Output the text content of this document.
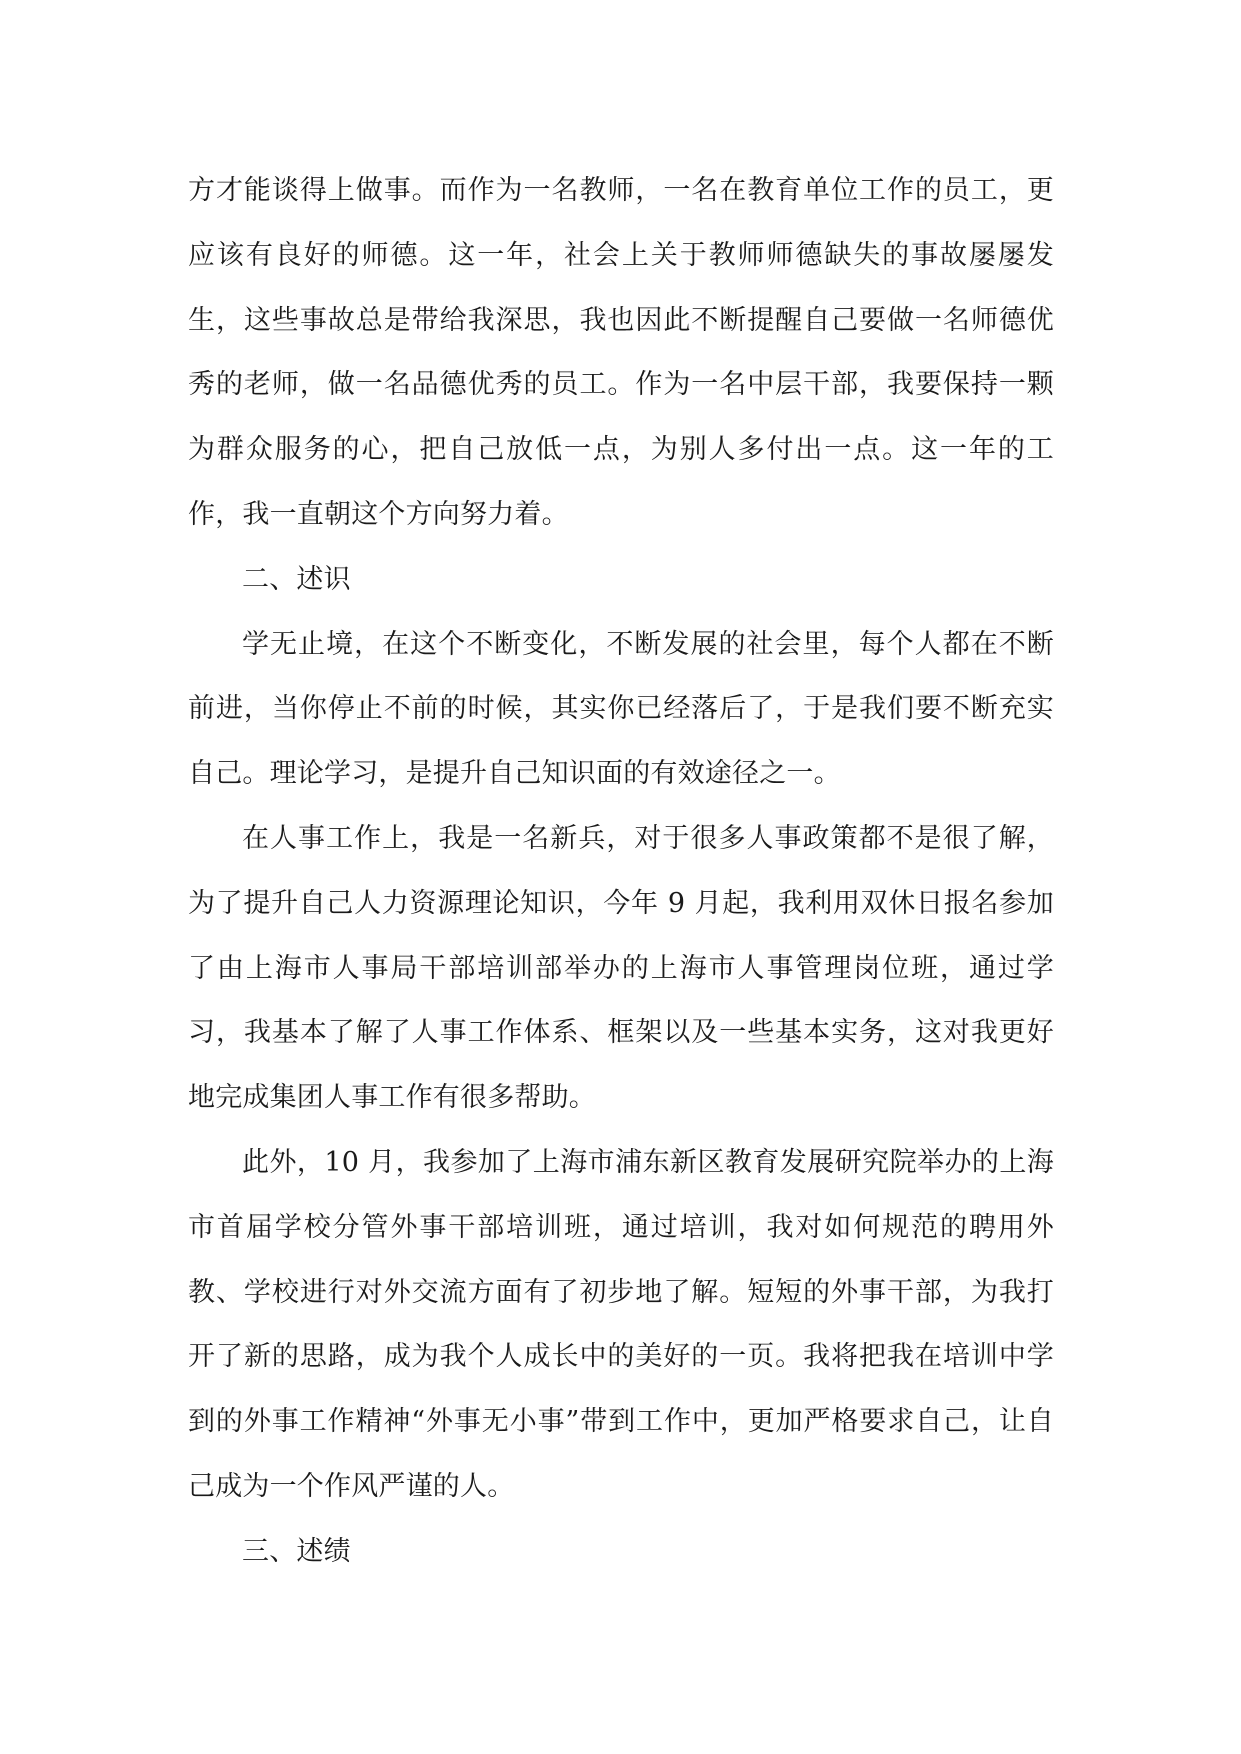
方才能谈得上做事。而作为一名教师，一名在教育单位工作的员工，更应该有良好的师德。这一年，社会上关于教师师德缺失的事故屡屡发生，这些事故总是带给我深思，我也因此不断提醒自己要做一名师德优秀的老师，做一名品德优秀的员工。作为一名中层干部，我要保持一颗为群众服务的心，把自己放低一点，为别人多付出一点。这一年的工作，我一直朝这个方向努力着。

二、述识

学无止境，在这个不断变化，不断发展的社会里，每个人都在不断前进，当你停止不前的时候，其实你已经落后了，于是我们要不断充实自己。理论学习，是提升自己知识面的有效途径之一。

在人事工作上，我是一名新兵，对于很多人事政策都不是很了解，为了提升自己人力资源理论知识，今年 9 月起，我利用双休日报名参加了由上海市人事局干部培训部举办的上海市人事管理岗位班，通过学习，我基本了解了人事工作体系、框架以及一些基本实务，这对我更好地完成集团人事工作有很多帮助。

此外，10 月，我参加了上海市浦东新区教育发展研究院举办的上海市首届学校分管外事干部培训班，通过培训，我对如何规范的聘用外教、学校进行对外交流方面有了初步地了解。短短的外事干部，为我打开了新的思路，成为我个人成长中的美好的一页。我将把我在培训中学到的外事工作精神“外事无小事”带到工作中，更加严格要求自己，让自己成为一个作风严谨的人。

三、述绩
